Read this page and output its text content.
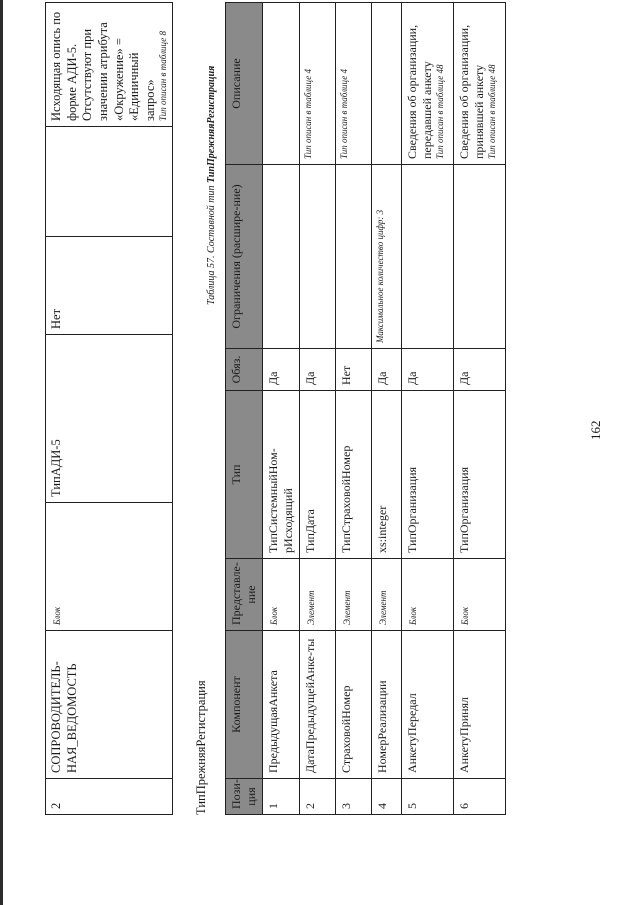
162
2	СОПРОВОДИТЕЛЬ-НАЯ_ВЕДОМОСТЬ	Блок	ТипАДИ-5	Нет		Исходящая опись по форме АДИ-5. Отсутствуют при значении атрибута «Окружение» = «Единичный запрос» Тип описан в таблице 8
ТипПрежняяРегистрация
Таблица 57. Составной тип ТипПрежняяРегистрация
Пози-ция	Компонент	Представле-ние	Тип	Обяз.	Ограничения (расшире-ние)	Описание
1	ПредыдущаяАнкета	Блок	ТипСистемныйНом-рИсходящий	Да		

2	ДатаПредыдущейАнке-ты	Элемент	ТипДата	Да		Тип описан в таблице 4

3	СтраховойНомер	Элемент	ТипСтраховойНомер	Нет		Тип описан в таблице 4

4	НомерРеализации	Элемент	xs:integer	Да	Максимальное количество цифр: 3	

5	АнкетуПередал	Блок	ТипОрганизация	Да		Сведения об организации, передавшей анкету Тип описан в таблице 48

6	АнкетуПринял	Блок	ТипОрганизация	Да		Сведения об организации, принявшей анкету Тип описан в таблице 48
